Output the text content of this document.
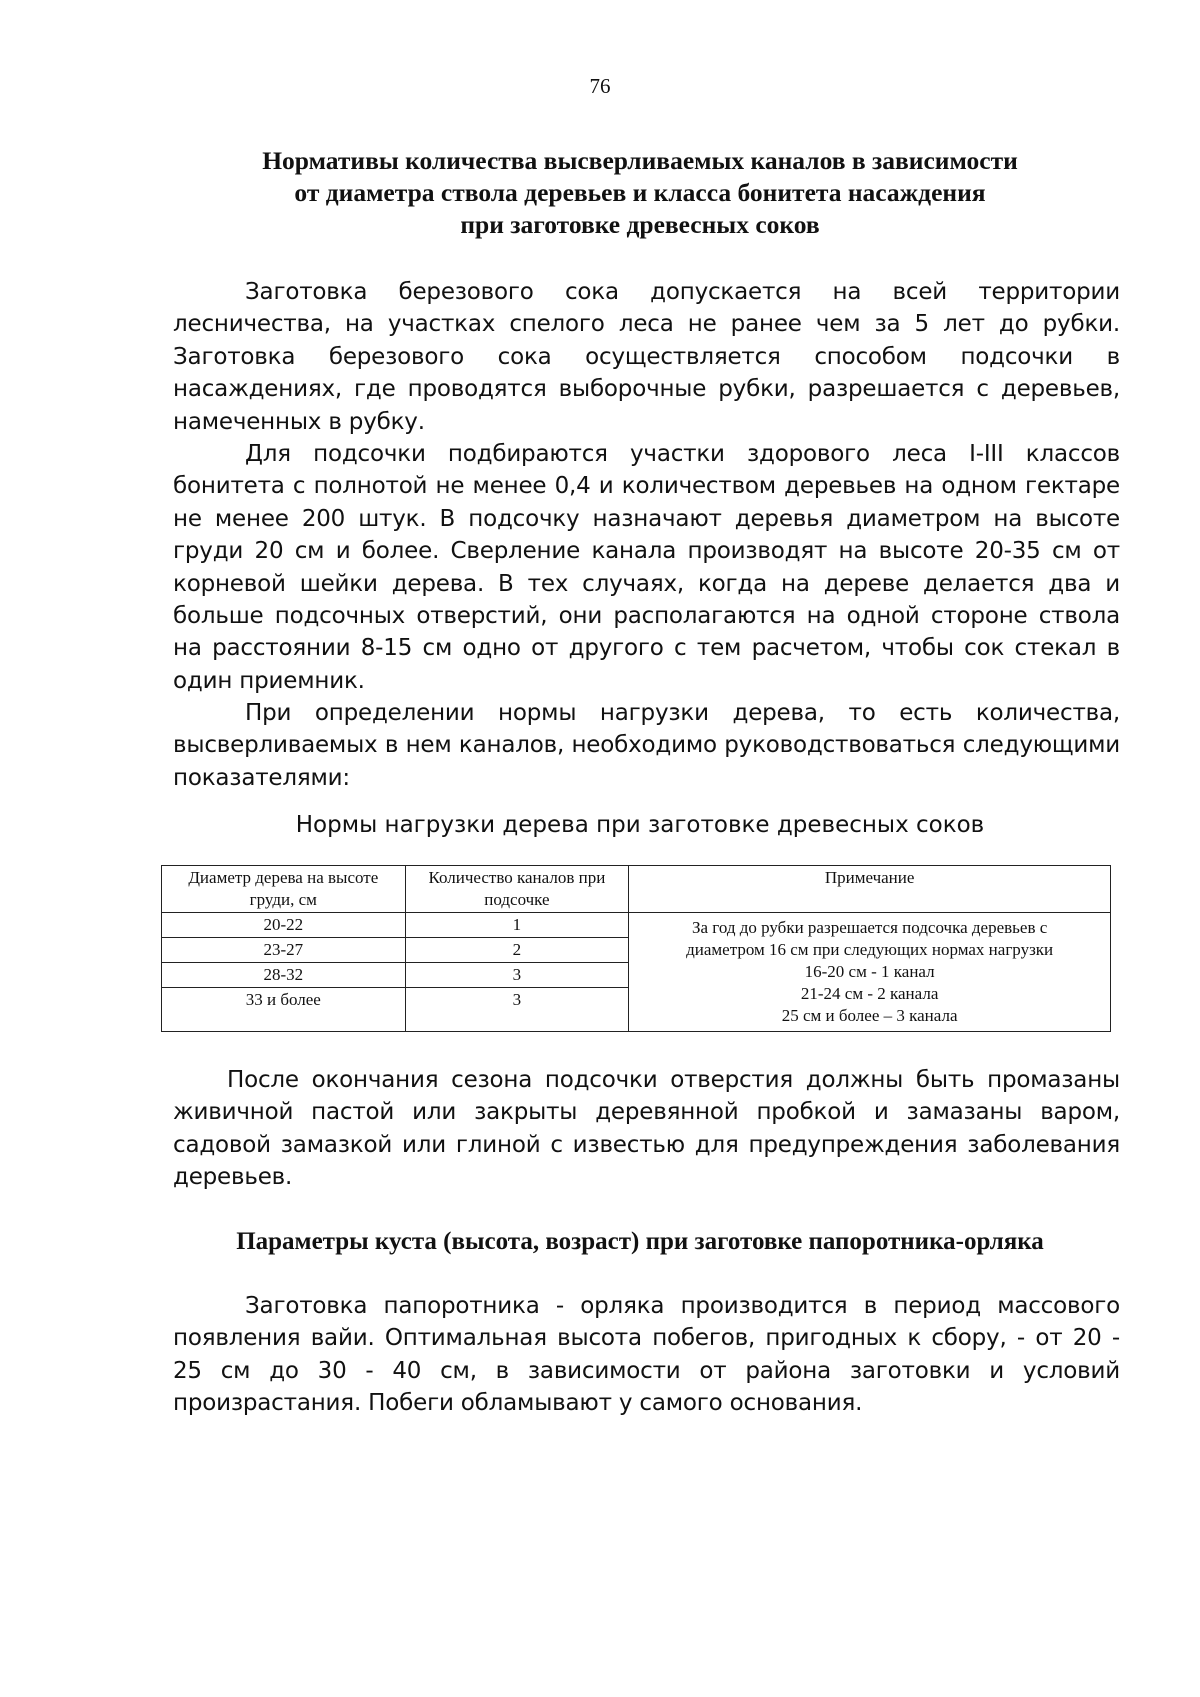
76
Нормативы количества высверливаемых каналов в зависимости
от диаметра ствола деревьев и класса бонитета насаждения
при заготовке древесных соков

Заготовка березового сока допускается на всей территории лесничества, на участках спелого леса не ранее чем за 5 лет до рубки. Заготовка березового сока осуществляется способом подсочки в насаждениях, где проводятся выборочные рубки, разрешается с деревьев, намеченных в рубку.

Для подсочки подбираются участки здорового леса I-III классов бонитета с полнотой не менее 0,4 и количеством деревьев на одном гектаре не менее 200 штук. В подсочку назначают деревья диаметром на высоте груди 20 см и более. Сверление канала производят на высоте 20-35 см от корневой шейки дерева. В тех случаях, когда на дереве делается два и больше подсочных отверстий, они располагаются на одной стороне ствола на расстоянии 8-15 см одно от другого с тем расчетом, чтобы сок стекал в один приемник.

При определении нормы нагрузки дерева, то есть количества, высверливаемых в нем каналов, необходимо руководствоваться следующими показателями:

Нормы нагрузки дерева при заготовке древесных соков
Диаметр дерева на высоте груди, см	Количество каналов при подсочке	Примечание
20-22	1	За год до рубки разрешается подсочка деревьев с
диаметром 16 см при следующих нормах нагрузки
16-20 см - 1 канал
21-24 см - 2 канала
25 см и более – 3 канала

23-27	2	
28-32	3	
33 и более	3	

После окончания сезона подсочки отверстия должны быть промазаны живичной пастой или закрыты деревянной пробкой и замазаны варом, садовой замазкой или глиной с известью для предупреждения заболевания деревьев.

Параметры куста (высота, возраст) при заготовке папоротника-орляка

Заготовка папоротника - орляка производится в период массового появления вайи. Оптимальная высота побегов, пригодных к сбору, - от 20 - 25 см до 30 - 40 см, в зависимости от района заготовки и условий произрастания. Побеги обламывают у самого основания.
